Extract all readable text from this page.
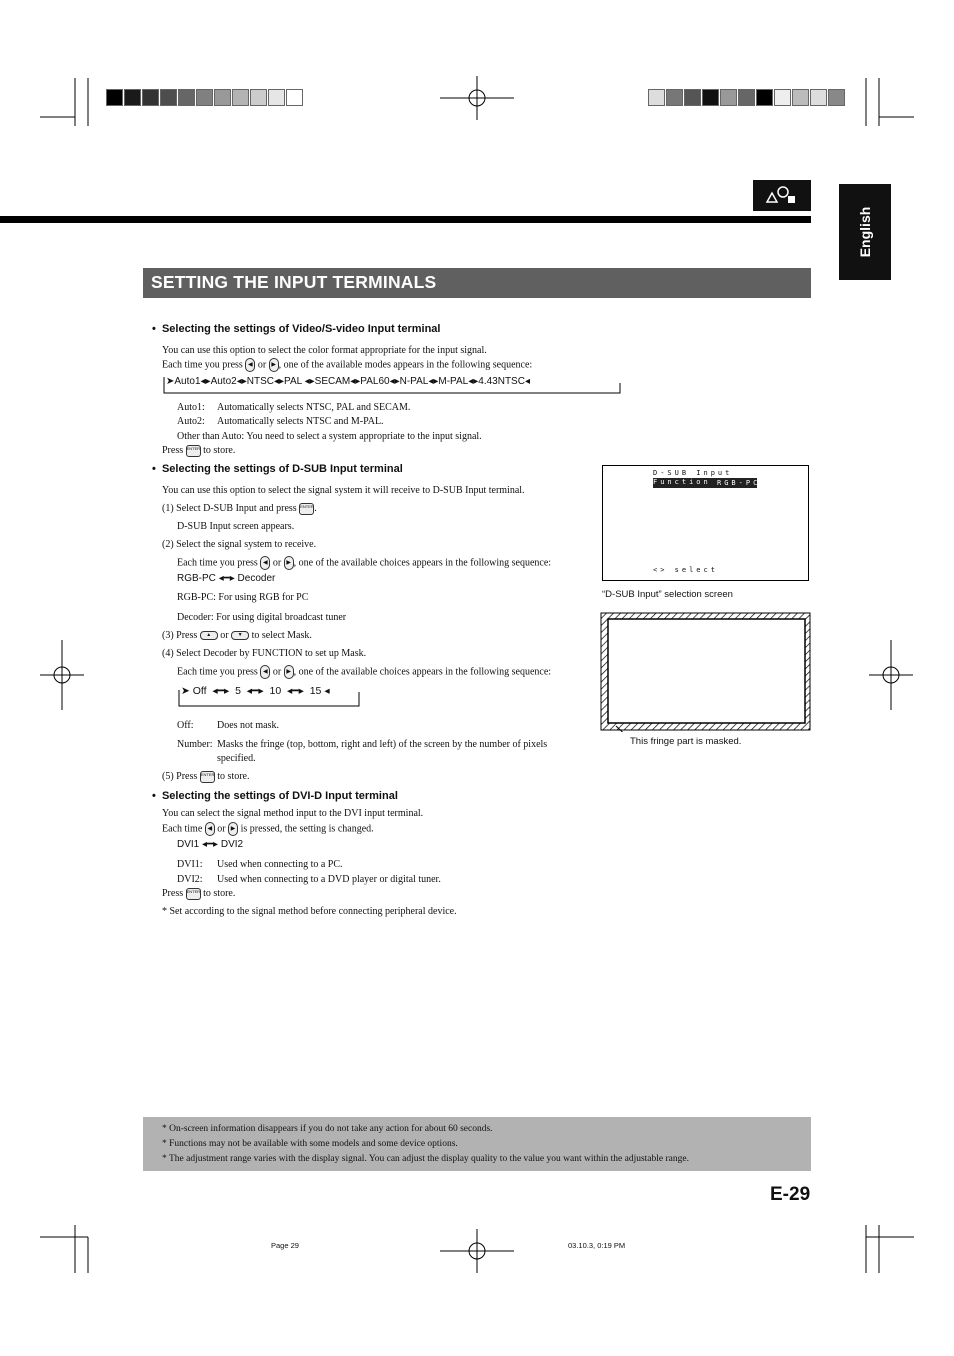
English
SETTING THE INPUT TERMINALS
•  Selecting the settings of Video/S-video Input terminal
You can use this option to select the color format appropriate for the input signal.
Each time you press ◀ or ▶ , one of the available modes appears in the following sequence:
➤Auto1◂▸Auto2◂▸NTSC◂▸PAL ◂▸SECAM◂▸PAL60◂▸N-PAL◂▸M-PAL◂▸4.43NTSC◂
Auto1: Automatically selects NTSC, PAL and SECAM.
Auto2: Automatically selects NTSC and M-PAL.
Other than Auto: You need to select a system appropriate to the input signal.
Press ENTER to store.
•  Selecting the settings of D-SUB Input terminal
You can use this option to select the signal system it will receive to D-SUB Input terminal.
(1) Select D-SUB Input and press ENTER.
D-SUB Input screen appears.
(2) Select the signal system to receive.
Each time you press ◀ or ▶ , one of the available choices appears in the following sequence:
RGB-PC ◂━▸ Decoder
RGB-PC: For using RGB for PC
Decoder: For using digital broadcast tuner
(3) Press ▲ or ▼ to select Mask.
(4) Select Decoder by FUNCTION to set up Mask.
Each time you press ◀ or ▶ , one of the available choices appears in the following sequence:
➤ Off  ◂━▸  5  ◂━▸  10  ◂━▸  15 ◂
Off: Does not mask.
Number: Masks the fringe (top, bottom, right and left) of the screen by the number of pixels
specified.
(5) Press ENTER to store.
D-SUB Input
Function RGB-PC
<> select
“D-SUB Input” selection screen
This fringe part is masked.
•  Selecting the settings of DVI-D Input terminal
You can select the signal method input to the DVI input terminal.
Each time ◀ or ▶ is pressed, the setting is changed.
DVI1 ◂━▸ DVI2
DVI1: Used when connecting to a PC.
DVI2: Used when connecting to a DVD player or digital tuner.
Press ENTER to store.
* Set according to the signal method before connecting peripheral device.
* On-screen information disappears if you do not take any action for about 60 seconds.
* Functions may not be available with some models and some device options.
* The adjustment range varies with the display signal. You can adjust the display quality to the value you want within the adjustable range.
E-29
Page 29	03.10.3, 0:19 PM
